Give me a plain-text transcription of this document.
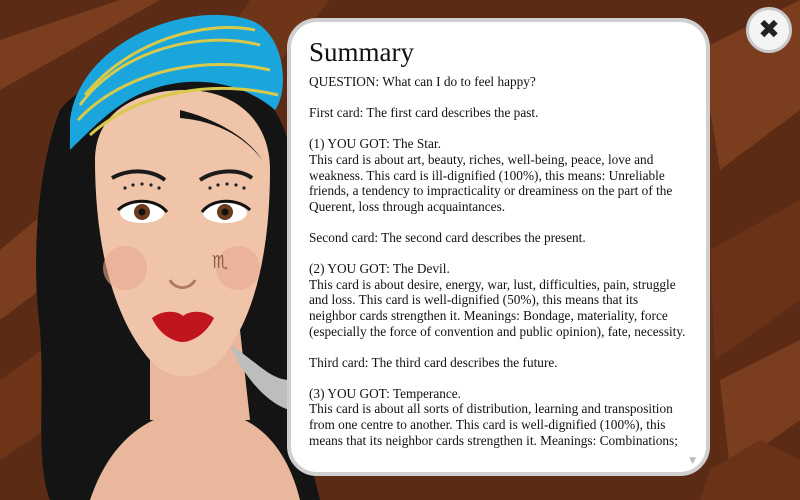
♏
Summary

QUESTION: What can I do to feel happy?

First card: The first card describes the past.

(1) YOU GOT: The Star.
This card is about art, beauty, riches, well-being, peace, love and weakness. This card is ill-dignified (100%), this means: Unreliable friends, a tendency to impracticality or dreaminess on the part of the Querent, loss through acquaintances.

Second card: The second card describes the present.

(2) YOU GOT: The Devil.
This card is about desire, energy, war, lust, difficulties, pain, struggle and loss. This card is well-dignified (50%), this means that its neighbor cards strengthen it. Meanings: Bondage, materiality, force (especially the force of convention and public opinion), fate, necessity.

Third card: The third card describes the future.

(3) YOU GOT: Temperance.
This card is about all sorts of distribution, learning and transposition from one centre to another. This card is well-dignified (100%), this means that its neighbor cards strengthen it. Meanings: Combinations;

▼
✖
